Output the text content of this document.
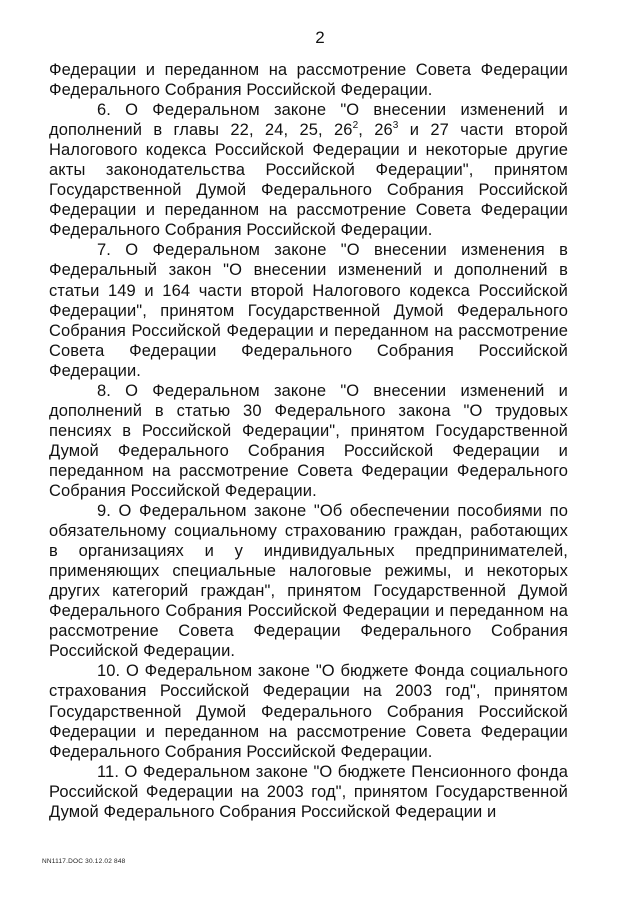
2

Федерации и переданном на рассмотрение Совета Федерации Федерального Собрания Российской Федерации.

6. О Федеральном законе "О внесении изменений и дополнений в главы 22, 24, 25, $26^2$, $26^3$ и 27 части второй Налогового кодекса Российской Федерации и некоторые другие акты законодательства Российской Федерации", принятом Государственной Думой Федерального Собрания Российской Федерации и переданном на рассмотрение Совета Федерации Федерального Собрания Российской Федерации.

7. О Федеральном законе "О внесении изменения в Федеральный закон "О внесении изменений и дополнений в статьи 149 и 164 части второй Налогового кодекса Российской Федерации", принятом Государственной Думой Федерального Собрания Российской Федерации и переданном на рассмотрение Совета Федерации Федерального Собрания Российской Федерации.

8. О Федеральном законе "О внесении изменений и дополнений в статью 30 Федерального закона "О трудовых пенсиях в Российской Федерации", принятом Государственной Думой Федерального Собрания Российской Федерации и переданном на рассмотрение Совета Федерации Федерального Собрания Российской Федерации.

9. О Федеральном законе "Об обеспечении пособиями по обязательному социальному страхованию граждан, работающих в организациях и у индивидуальных предпринимателей, применяющих специальные налоговые режимы, и некоторых других категорий граждан", принятом Государственной Думой Федерального Собрания Российской Федерации и переданном на рассмотрение Совета Федерации Федерального Собрания Российской Федерации.

10. О Федеральном законе "О бюджете Фонда социального страхования Российской Федерации на 2003 год", принятом Государственной Думой Федерального Собрания Российской Федерации и переданном на рассмотрение Совета Федерации Федерального Собрания Российской Федерации.

11. О Федеральном законе "О бюджете Пенсионного фонда Российской Федерации на 2003 год", принятом Государственной Думой Федерального Собрания Российской Федерации и

NN1117.DOC 30.12.02 848
